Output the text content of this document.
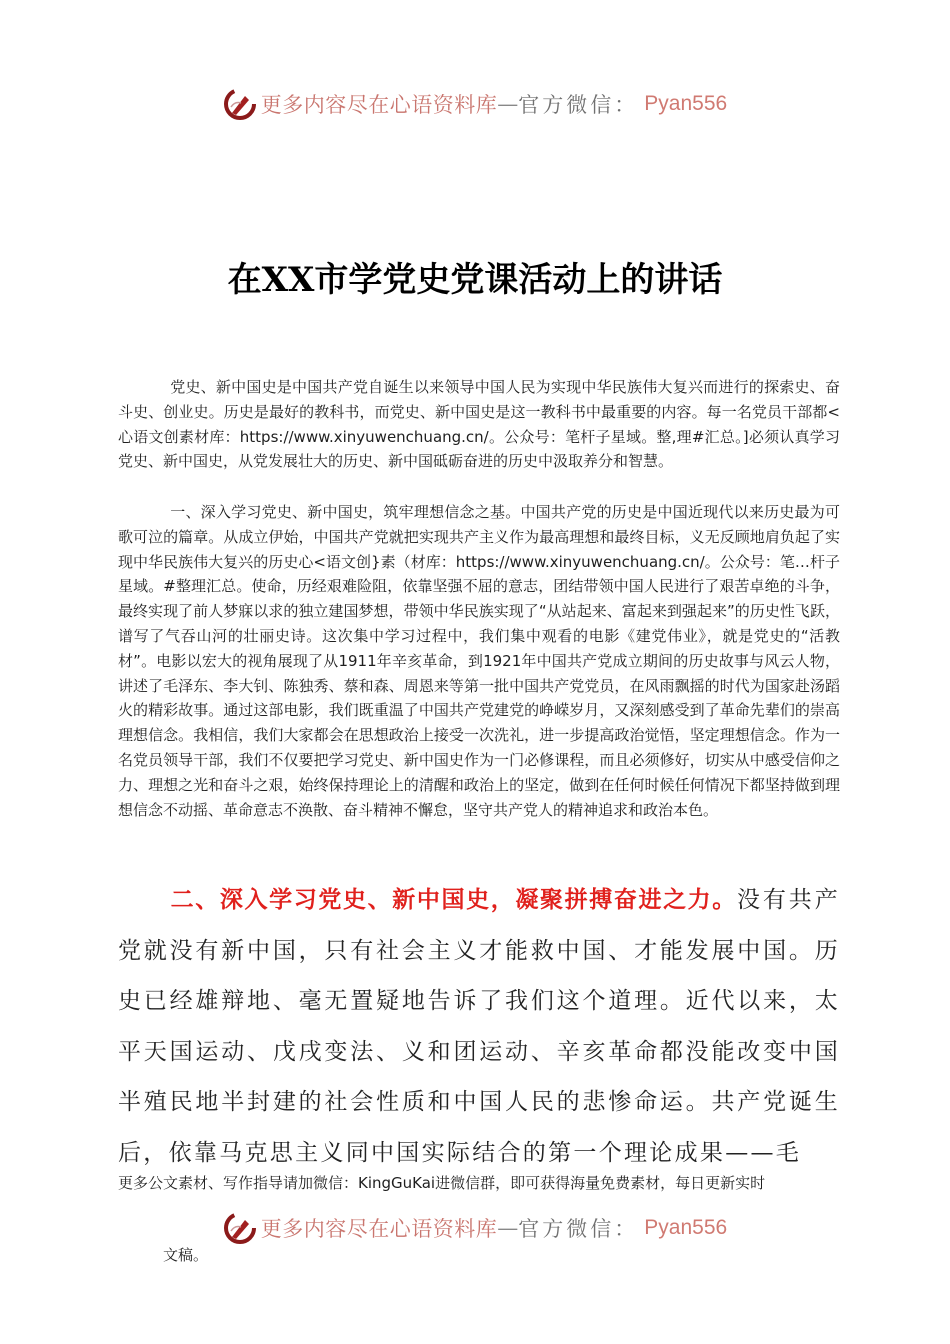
更多内容尽在心语资料库 — 官方微信： Pyan556
在XX市学党史党课活动上的讲话
党史、新中国史是中国共产党自诞生以来领导中国人民为实现中华民族伟大复兴而进行的探索史、奋斗史、创业史。历史是最好的教科书，而党史、新中国史是这一教科书中最重要的内容。每一名党员干部都<心语文创素材库：https://www.xinyuwenchuang.cn/。公众号：笔杆子星域。整,理#汇总。]必须认真学习党史、新中国史，从党发展壮大的历史、新中国砥砺奋进的历史中汲取养分和智慧。
一、深入学习党史、新中国史，筑牢理想信念之基。中国共产党的历史是中国近现代以来历史最为可歌可泣的篇章。从成立伊始，中国共产党就把实现共产主义作为最高理想和最终目标，义无反顾地肩负起了实现中华民族伟大复兴的历史心<语文创}素（材库：https://www.xinyuwenchuang.cn/。公众号：笔…杆子星域。#整理汇总。使命，历经艰难险阻，依靠坚强不屈的意志，团结带领中国人民进行了艰苦卓绝的斗争，最终实现了前人梦寐以求的独立建国梦想，带领中华民族实现了“从站起来、富起来到强起来”的历史性飞跃，谱写了气吞山河的壮丽史诗。这次集中学习过程中，我们集中观看的电影《建党伟业》，就是党史的“活教材”。电影以宏大的视角展现了从1911年辛亥革命，到1921年中国共产党成立期间的历史故事与风云人物，讲述了毛泽东、李大钊、陈独秀、蔡和森、周恩来等第一批中国共产党党员，在风雨飘摇的时代为国家赴汤蹈火的精彩故事。通过这部电影，我们既重温了中国共产党建党的峥嵘岁月，又深刻感受到了革命先辈们的崇高理想信念。我相信，我们大家都会在思想政治上接受一次洗礼，进一步提高政治觉悟，坚定理想信念。作为一名党员领导干部，我们不仅要把学习党史、新中国史作为一门必修课程，而且必须修好，切实从中感受信仰之力、理想之光和奋斗之艰，始终保持理论上的清醒和政治上的坚定，做到在任何时候任何情况下都坚持做到理想信念不动摇、革命意志不涣散、奋斗精神不懈怠，坚守共产党人的精神追求和政治本色。
二、深入学习党史、新中国史，凝聚拼搏奋进之力。没有共产党就没有新中国，只有社会主义才能救中国、才能发展中国。历史已经雄辩地、毫无置疑地告诉了我们这个道理。近代以来，太平天国运动、戊戌变法、义和团运动、辛亥革命都没能改变中国半殖民地半封建的社会性质和中国人民的悲惨命运。共产党诞生后，依靠马克思主义同中国实际结合的第一个理论成果——毛
更多公文素材、写作指导请加微信：KingGuKai进微信群，即可获得海量免费素材，每日更新实时
更多内容尽在心语资料库 — 官方微信： Pyan556
文稿。
